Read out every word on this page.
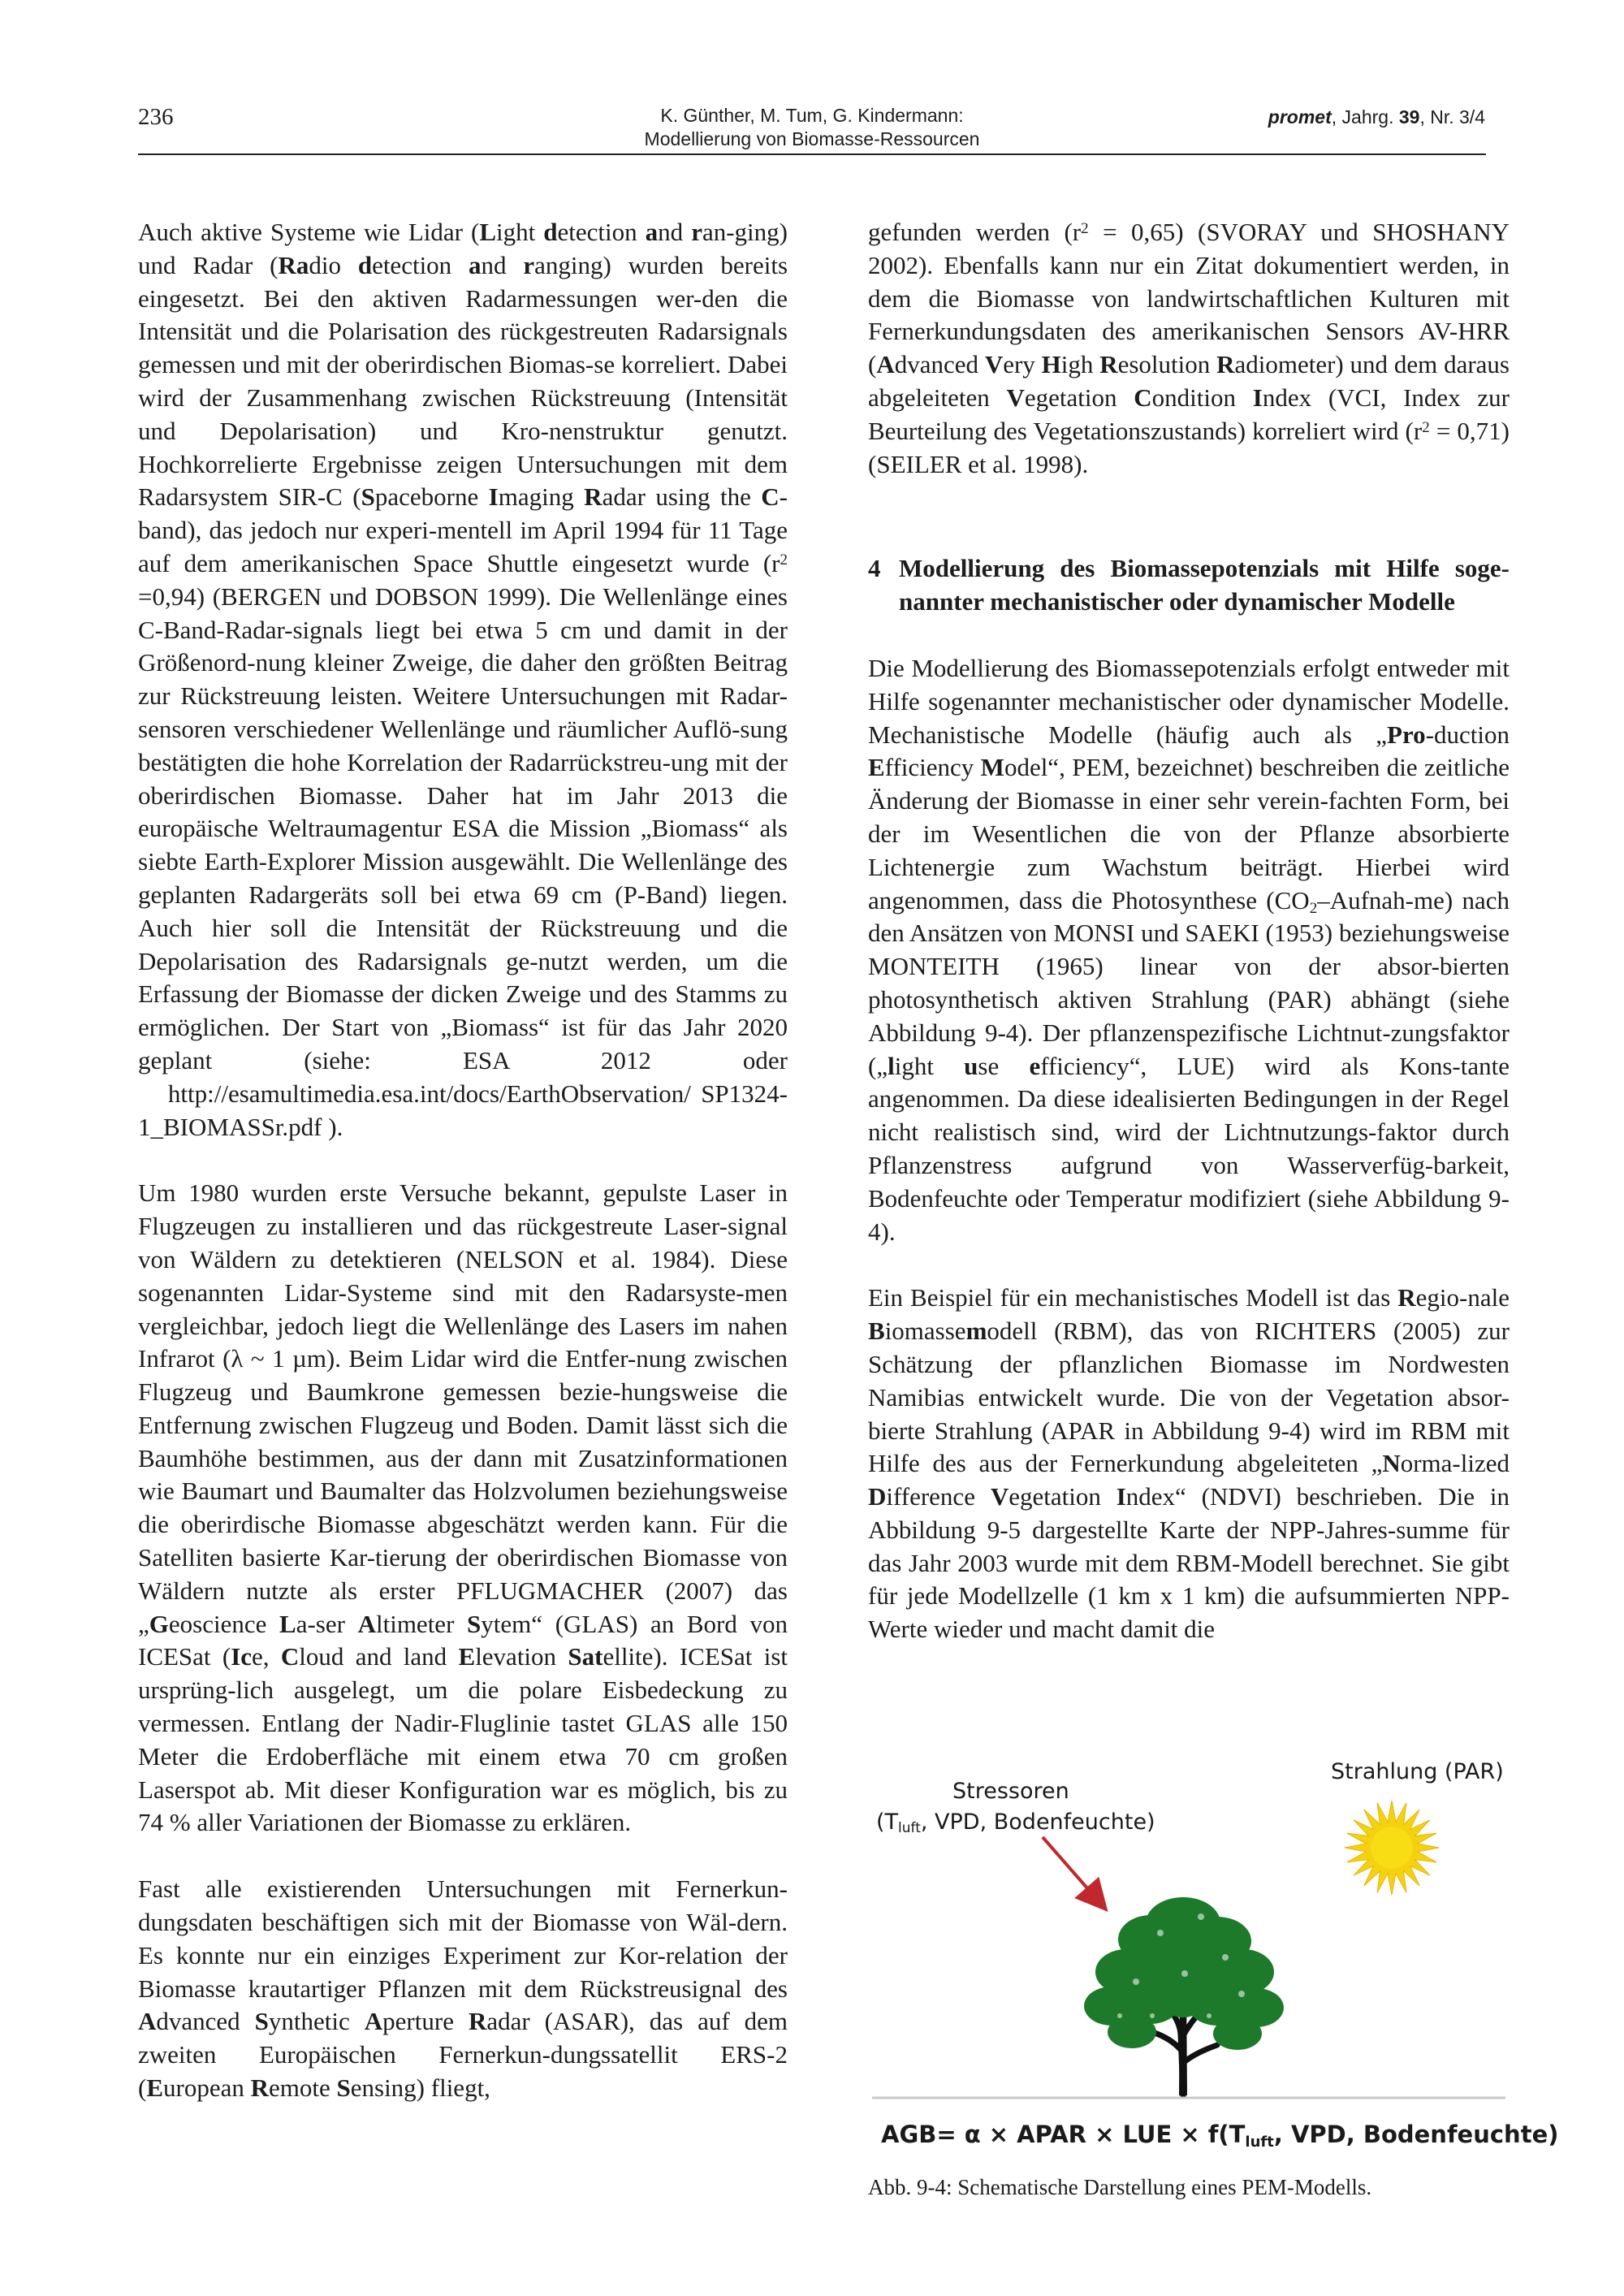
236	K. Günther, M. Tum, G. Kindermann:
Modellierung von Biomasse-Ressourcen
promet, Jahrg. 39, Nr. 3/4

Auch aktive Systeme wie Lidar (Light detection and ran-ging) und Radar (Radio detection and ranging) wurden bereits eingesetzt. Bei den aktiven Radarmessungen wer-den die Intensität und die Polarisation des rückgestreuten Radarsignals gemessen und mit der oberirdischen Biomas-se korreliert. Dabei wird der Zusammenhang zwischen Rückstreuung (Intensität und Depolarisation) und Kro-nenstruktur genutzt. Hochkorrelierte Ergebnisse zeigen Untersuchungen mit dem Radarsystem SIR-C (Spaceborne Imaging Radar using the C-band), das jedoch nur experi-mentell im April 1994 für 11 Tage auf dem amerikanischen Space Shuttle eingesetzt wurde $(r^2 =0,94)$ (BERGEN und DOBSON 1999). Die Wellenlänge eines C-Band-Radar-signals liegt bei etwa 5 cm und damit in der Größenord-nung kleiner Zweige, die daher den größten Beitrag zur Rückstreuung leisten. Weitere Untersuchungen mit Radar-sensoren verschiedener Wellenlänge und räumlicher Auflö-sung bestätigten die hohe Korrelation der Radarrückstreu-ung mit der oberirdischen Biomasse. Daher hat im Jahr 2013 die europäische Weltraumagentur ESA die Mission „Biomass“ als siebte Earth-Explorer Mission ausgewählt. Die Wellenlänge des geplanten Radargeräts soll bei etwa 69 cm (P-Band) liegen. Auch hier soll die Intensität der Rückstreuung und die Depolarisation des Radarsignals ge-nutzt werden, um die Erfassung der Biomasse der dicken Zweige und des Stamms zu ermöglichen. Der Start von „Biomass“ ist für das Jahr 2020 geplant (siehe: ESA 2012 oder   http://esamultimedia.esa.int/docs/EarthObservation/ SP1324-1_BIOMASSr.pdf ).

Um 1980 wurden erste Versuche bekannt, gepulste Laser in Flugzeugen zu installieren und das rückgestreute Laser-signal von Wäldern zu detektieren (NELSON et al. 1984). Diese sogenannten Lidar-Systeme sind mit den Radarsyste-men vergleichbar, jedoch liegt die Wellenlänge des Lasers im nahen Infrarot (λ ~ 1 µm). Beim Lidar wird die Entfer-nung zwischen Flugzeug und Baumkrone gemessen bezie-hungsweise die Entfernung zwischen Flugzeug und Boden. Damit lässt sich die Baumhöhe bestimmen, aus der dann mit Zusatzinformationen wie Baumart und Baumalter das Holzvolumen beziehungsweise die oberirdische Biomasse abgeschätzt werden kann. Für die Satelliten basierte Kar-tierung der oberirdischen Biomasse von Wäldern nutzte als erster PFLUGMACHER (2007) das „Geoscience La-ser Altimeter Sytem“ (GLAS) an Bord von ICESat (Ice, Cloud and land Elevation Satellite). ICESat ist ursprüng-lich ausgelegt, um die polare Eisbedeckung zu vermessen. Entlang der Nadir-Fluglinie tastet GLAS alle 150 Meter die Erdoberfläche mit einem etwa 70 cm großen Laserspot ab. Mit dieser Konfiguration war es möglich, bis zu 74 % aller Variationen der Biomasse zu erklären.

Fast alle existierenden Untersuchungen mit Fernerkun-dungsdaten beschäftigen sich mit der Biomasse von Wäl-dern. Es konnte nur ein einziges Experiment zur Kor-relation der Biomasse krautartiger Pflanzen mit dem Rückstreusignal des Advanced Synthetic Aperture Radar (ASAR), das auf dem zweiten Europäischen Fernerkun-dungssatellit ERS-2 (European Remote Sensing) fliegt,

gefunden werden $(r^2 = 0,65)$ (SVORAY und SHOSHANY 2002). Ebenfalls kann nur ein Zitat dokumentiert werden, in dem die Biomasse von landwirtschaftlichen Kulturen mit Fernerkundungsdaten des amerikanischen Sensors AV-HRR (Advanced Very High Resolution Radiometer) und dem daraus abgeleiteten Vegetation Condition Index (VCI, Index zur Beurteilung des Vegetationszustands) korreliert wird $(r^2 = 0,71)$ (SEILER et al. 1998).

4 Modellierung des Biomassepotenzials mit Hilfe soge-nannter mechanistischer oder dynamischer Modelle

Die Modellierung des Biomassepotenzials erfolgt entweder mit Hilfe sogenannter mechanistischer oder dynamischer Modelle. Mechanistische Modelle (häufig auch als „Pro-duction Efficiency Model“, PEM, bezeichnet) beschreiben die zeitliche Änderung der Biomasse in einer sehr verein-fachten Form, bei der im Wesentlichen die von der Pflanze absorbierte Lichtenergie zum Wachstum beiträgt. Hierbei wird angenommen, dass die Photosynthese $(CO_2-Aufnah-me)$ nach den Ansätzen von MONSI und SAEKI (1953) beziehungsweise MONTEITH (1965) linear von der absor-bierten photosynthetisch aktiven Strahlung (PAR) abhängt (siehe Abbildung 9-4). Der pflanzenspezifische Lichtnut-zungsfaktor („light use efficiency“, LUE) wird als Kons-tante angenommen. Da diese idealisierten Bedingungen in der Regel nicht realistisch sind, wird der Lichtnutzungs-faktor durch Pflanzenstress aufgrund von Wasserverfüg-barkeit, Bodenfeuchte oder Temperatur modifiziert (siehe Abbildung 9-4).

Ein Beispiel für ein mechanistisches Modell ist das Regio-nale Biomassemodell (RBM), das von RICHTERS (2005) zur Schätzung der pflanzlichen Biomasse im Nordwesten Namibias entwickelt wurde. Die von der Vegetation absor-bierte Strahlung (APAR in Abbildung 9-4) wird im RBM mit Hilfe des aus der Fernerkundung abgeleiteten „Norma-lized Difference Vegetation Index“ (NDVI) beschrieben. Die in Abbildung 9-5 dargestellte Karte der NPP-Jahres-summe für das Jahr 2003 wurde mit dem RBM-Modell berechnet. Sie gibt für jede Modellzelle (1 km x 1 km) die aufsummierten NPP-Werte wieder und macht damit die

Strahlung (PAR)
Stressoren
(Tluft, VPD, Bodenfeuchte)
AGB= α × APAR × LUE × f(Tluft, VPD, Bodenfeuchte)
Abb. 9-4: Schematische Darstellung eines PEM-Modells.
